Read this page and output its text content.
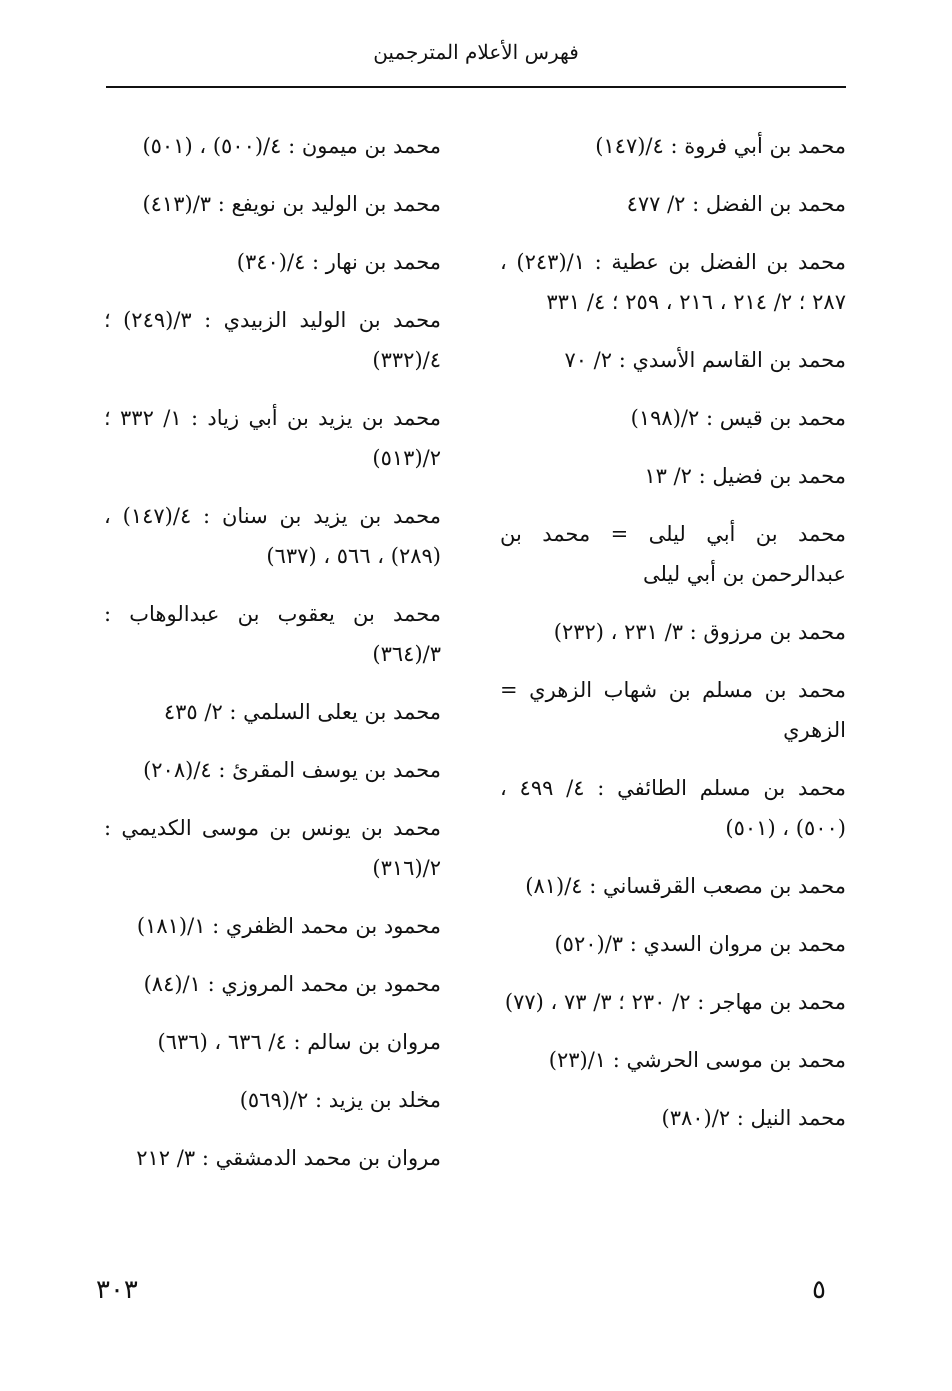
فهرس الأعلام المترجمين

محمد بن أبي فروة : ٤/(١٤٧)

محمد بن الفضل : ٢/ ٤٧٧

محمد بن الفضل بن عطية : ١/(٢٤٣) ، ٢٨٧ ؛ ٢/ ٢١٤ ، ٢١٦ ، ٢٥٩ ؛ ٤/ ٣٣١

محمد بن القاسم الأسدي : ٢/ ٧٠

محمد بن قيس : ٢/(١٩٨)

محمد بن فضيل : ٢/ ١٣

محمد بن أبي ليلى = محمد بن عبدالرحمن بن أبي ليلى

محمد بن مرزوق : ٣/ ٢٣١ ، (٢٣٢)

محمد بن مسلم بن شهاب الزهري = الزهري

محمد بن مسلم الطائفي : ٤/ ٤٩٩ ، (٥٠٠) ، (٥٠١)

محمد بن مصعب القرقساني : ٤/(٨١)

محمد بن مروان السدي : ٣/(٥٢٠)

محمد بن مهاجر : ٢/ ٢٣٠ ؛ ٣/ ٧٣ ، (٧٧)

محمد بن موسى الحرشي : ١/(٢٣)

محمد النيل : ٢/(٣٨٠)

محمد بن ميمون : ٤/(٥٠٠) ، (٥٠١)

محمد بن الوليد بن نويفع : ٣/(٤١٣)

محمد بن نهار : ٤/(٣٤٠)

محمد بن الوليد الزبيدي : ٣/(٢٤٩) ؛ ٤/(٣٣٢)

محمد بن يزيد بن أبي زياد : ١/ ٣٣٢ ؛ ٢/(٥١٣)

محمد بن يزيد بن سنان : ٤/(١٤٧) ، (٢٨٩) ، ٥٦٦ ، (٦٣٧)

محمد بن يعقوب بن عبدالوهاب : ٣/(٣٦٤)

محمد بن يعلى السلمي : ٢/ ٤٣٥

محمد بن يوسف المقرئ : ٤/(٢٠٨)

محمد بن يونس بن موسى الكديمي : ٢/(٣١٦)

محمود بن محمد الظفري : ١/(١٨١)

محمود بن محمد المروزي : ١/(٨٤)

مروان بن سالم : ٤/ ٦٣٦ ، (٦٣٦)

مخلد بن يزيد : ٢/(٥٦٩)

مروان بن محمد الدمشقي : ٣/ ٢١٢

٣٠٣	٥
